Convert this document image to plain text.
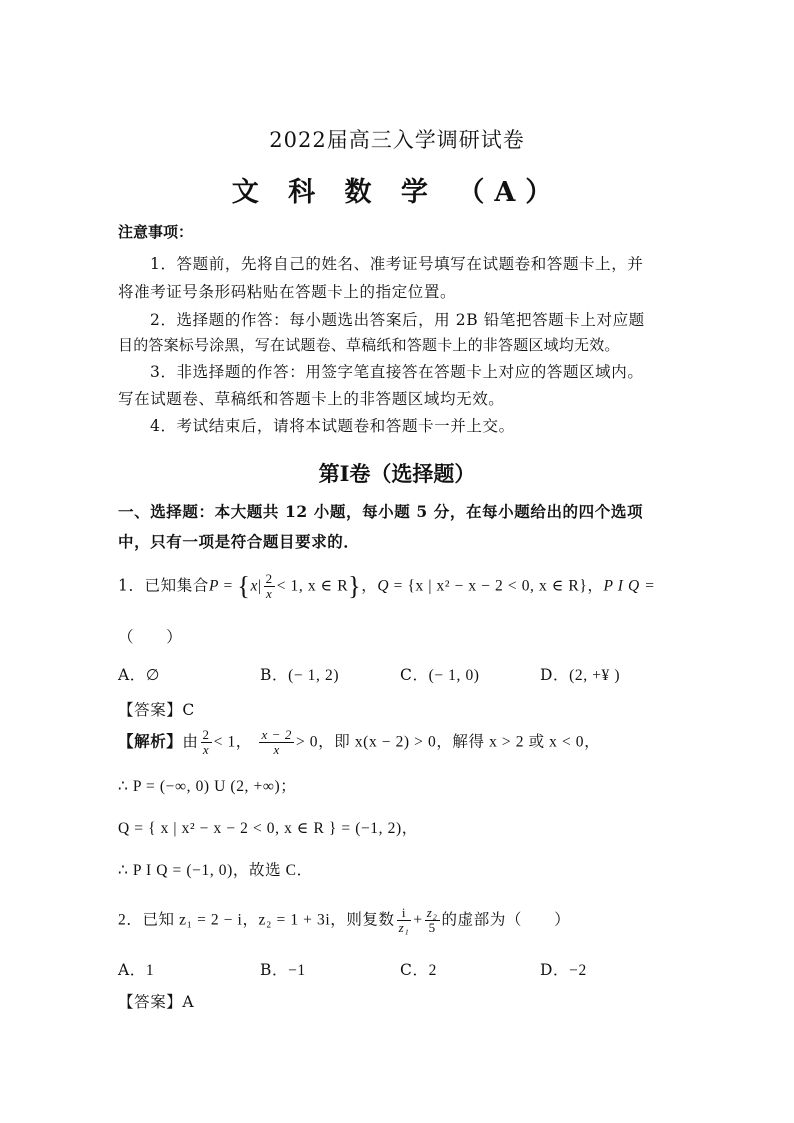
2022届高三入学调研试卷
文 科 数 学 （A）
注意事项：
1．答题前，先将自己的姓名、准考证号填写在试题卷和答题卡上，并
将准考证号条形码粘贴在答题卡上的指定位置。
2．选择题的作答：每小题选出答案后，用 2B 铅笔把答题卡上对应题
目的答案标号涂黑，写在试题卷、草稿纸和答题卡上的非答题区域均无效。
3．非选择题的作答：用签字笔直接答在答题卡上对应的答题区域内。
写在试题卷、草稿纸和答题卡上的非答题区域均无效。
4．考试结束后，请将本试题卷和答题卡一并上交。
第Ⅰ卷（选择题）
一、选择题：本大题共 12 小题，每小题 5 分，在每小题给出的四个选项
中，只有一项是符合题目要求的．
1．已知集合$P = \{x| \frac{2}{x} < 1$, x ∈ R}，Q = {x | x² − x − 2 < 0, x ∈ R}，P I Q =
（　　）
A．∅	B．(− 1, 2)	C．(− 1, 0)	D．(2, +¥ )
【答案】C
【解析】由 $\frac{2}{x} < 1$， $\frac{x - 2}{x} > 0$，即 x(x − 2) > 0，解得 x > 2 或 x < 0，
∴ P = (−∞, 0) U (2, +∞)；
Q = { x | x² − x − 2 < 0, x ∈ R } = (−1, 2)，
∴ P I Q = (−1, 0)，故选 C．
2．已知 z₁ = 2 − i，z₂ = 1 + 3i，则复数 $\frac{i}{\text{z₁}} + \frac{\text{z₂}}{5}$ 的虚部为（　　）
A．1	B．−1	C．2	D．−2
【答案】A
